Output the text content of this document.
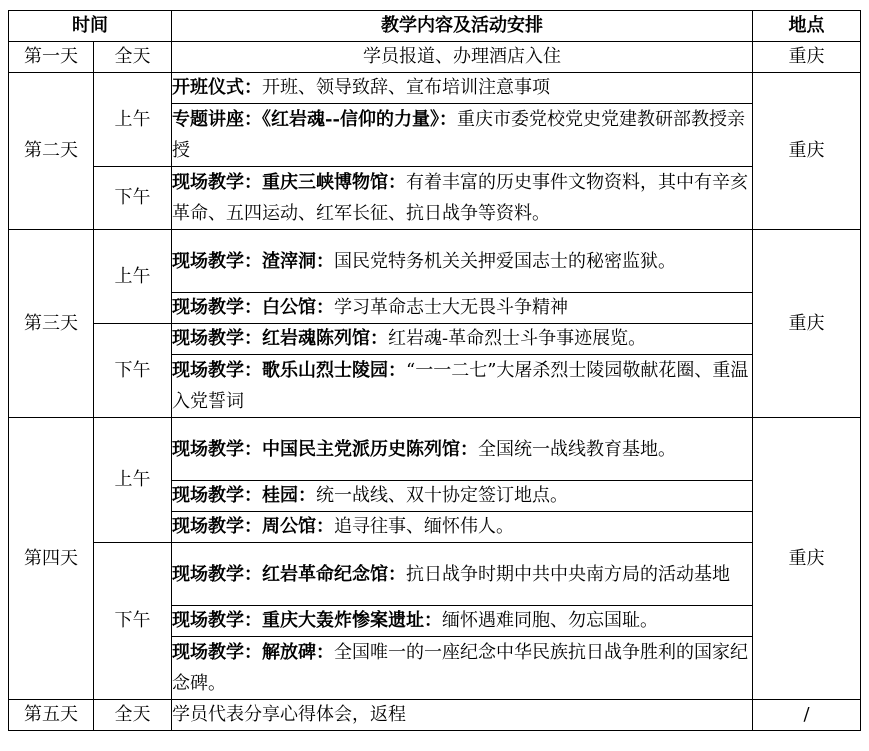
时间		教学内容及活动安排	地点
第一天	全天	学员报道、办理酒店入住	重庆
第二天	上午	开班仪式：开班、领导致辞、宣布培训注意事项	重庆
		专题讲座：《红岩魂--信仰的力量》：重庆市委党校党史党建教研部教授亲授	
	下午	现场教学：重庆三峡博物馆：有着丰富的历史事件文物资料，其中有辛亥革命、五四运动、红军长征、抗日战争等资料。	
第三天	上午	现场教学：渣滓洞：国民党特务机关关押爱国志士的秘密监狱。	重庆
		现场教学：白公馆：学习革命志士大无畏斗争精神	
	下午	现场教学：红岩魂陈列馆：红岩魂-革命烈士斗争事迹展览。	
		现场教学：歌乐山烈士陵园：“一一二七”大屠杀烈士陵园敬献花圈、重温入党誓词	
第四天	上午	现场教学：中国民主党派历史陈列馆：全国统一战线教育基地。	重庆
		现场教学：桂园：统一战线、双十协定签订地点。	
		现场教学：周公馆：追寻往事、缅怀伟人。	
	下午	现场教学：红岩革命纪念馆：抗日战争时期中共中央南方局的活动基地	
		现场教学：重庆大轰炸惨案遗址：缅怀遇难同胞、勿忘国耻。	
		现场教学：解放碑：全国唯一的一座纪念中华民族抗日战争胜利的国家纪念碑。	
第五天	全天	学员代表分享心得体会，返程	/
